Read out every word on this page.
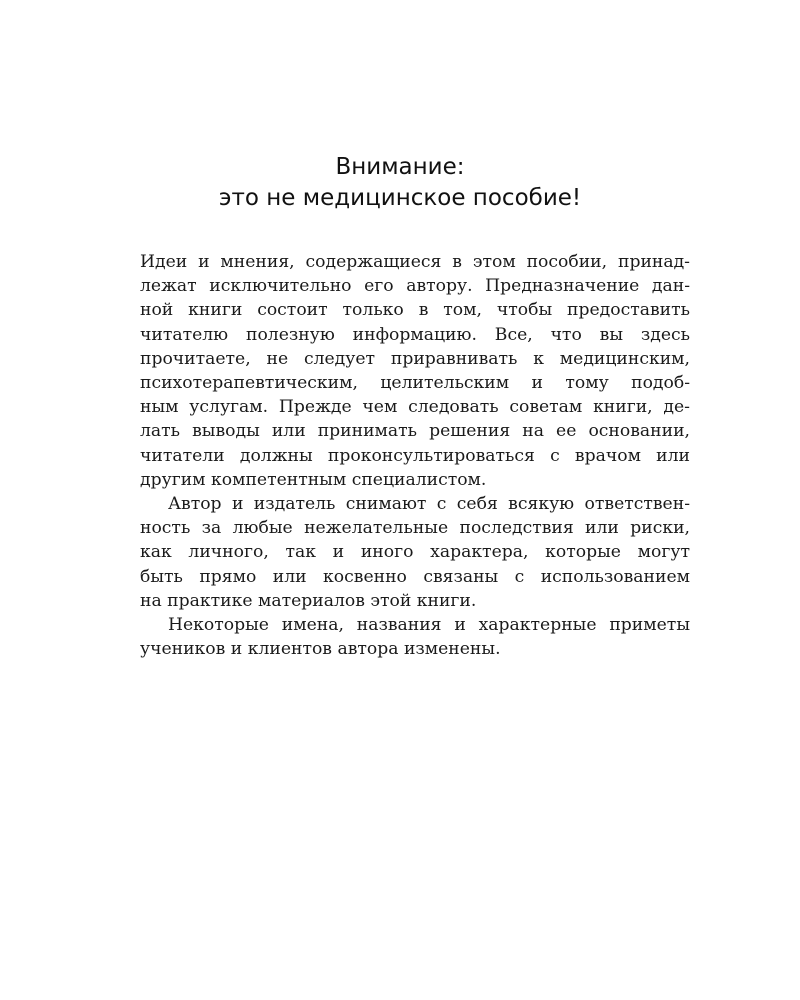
Внимание:
это не медицинское пособие!
Идеи и мнения, содержащиеся в этом пособии, принад-
лежат исключительно его автору. Предназначение дан-
ной книги состоит только в том, чтобы предоставить
читателю полезную информацию. Все, что вы здесь
прочитаете, не следует приравнивать к медицинским,
психотерапевтическим, целительским и тому подоб-
ным услугам. Прежде чем следовать советам книги, де-
лать выводы или принимать решения на ее основании,
читатели должны проконсультироваться с врачом или
другим компетентным специалистом.
Автор и издатель снимают с себя всякую ответствен-
ность за любые нежелательные последствия или риски,
как личного, так и иного характера, которые могут
быть прямо или косвенно связаны с использованием
на практике материалов этой книги.
Некоторые имена, названия и характерные приметы
учеников и клиентов автора изменены.
